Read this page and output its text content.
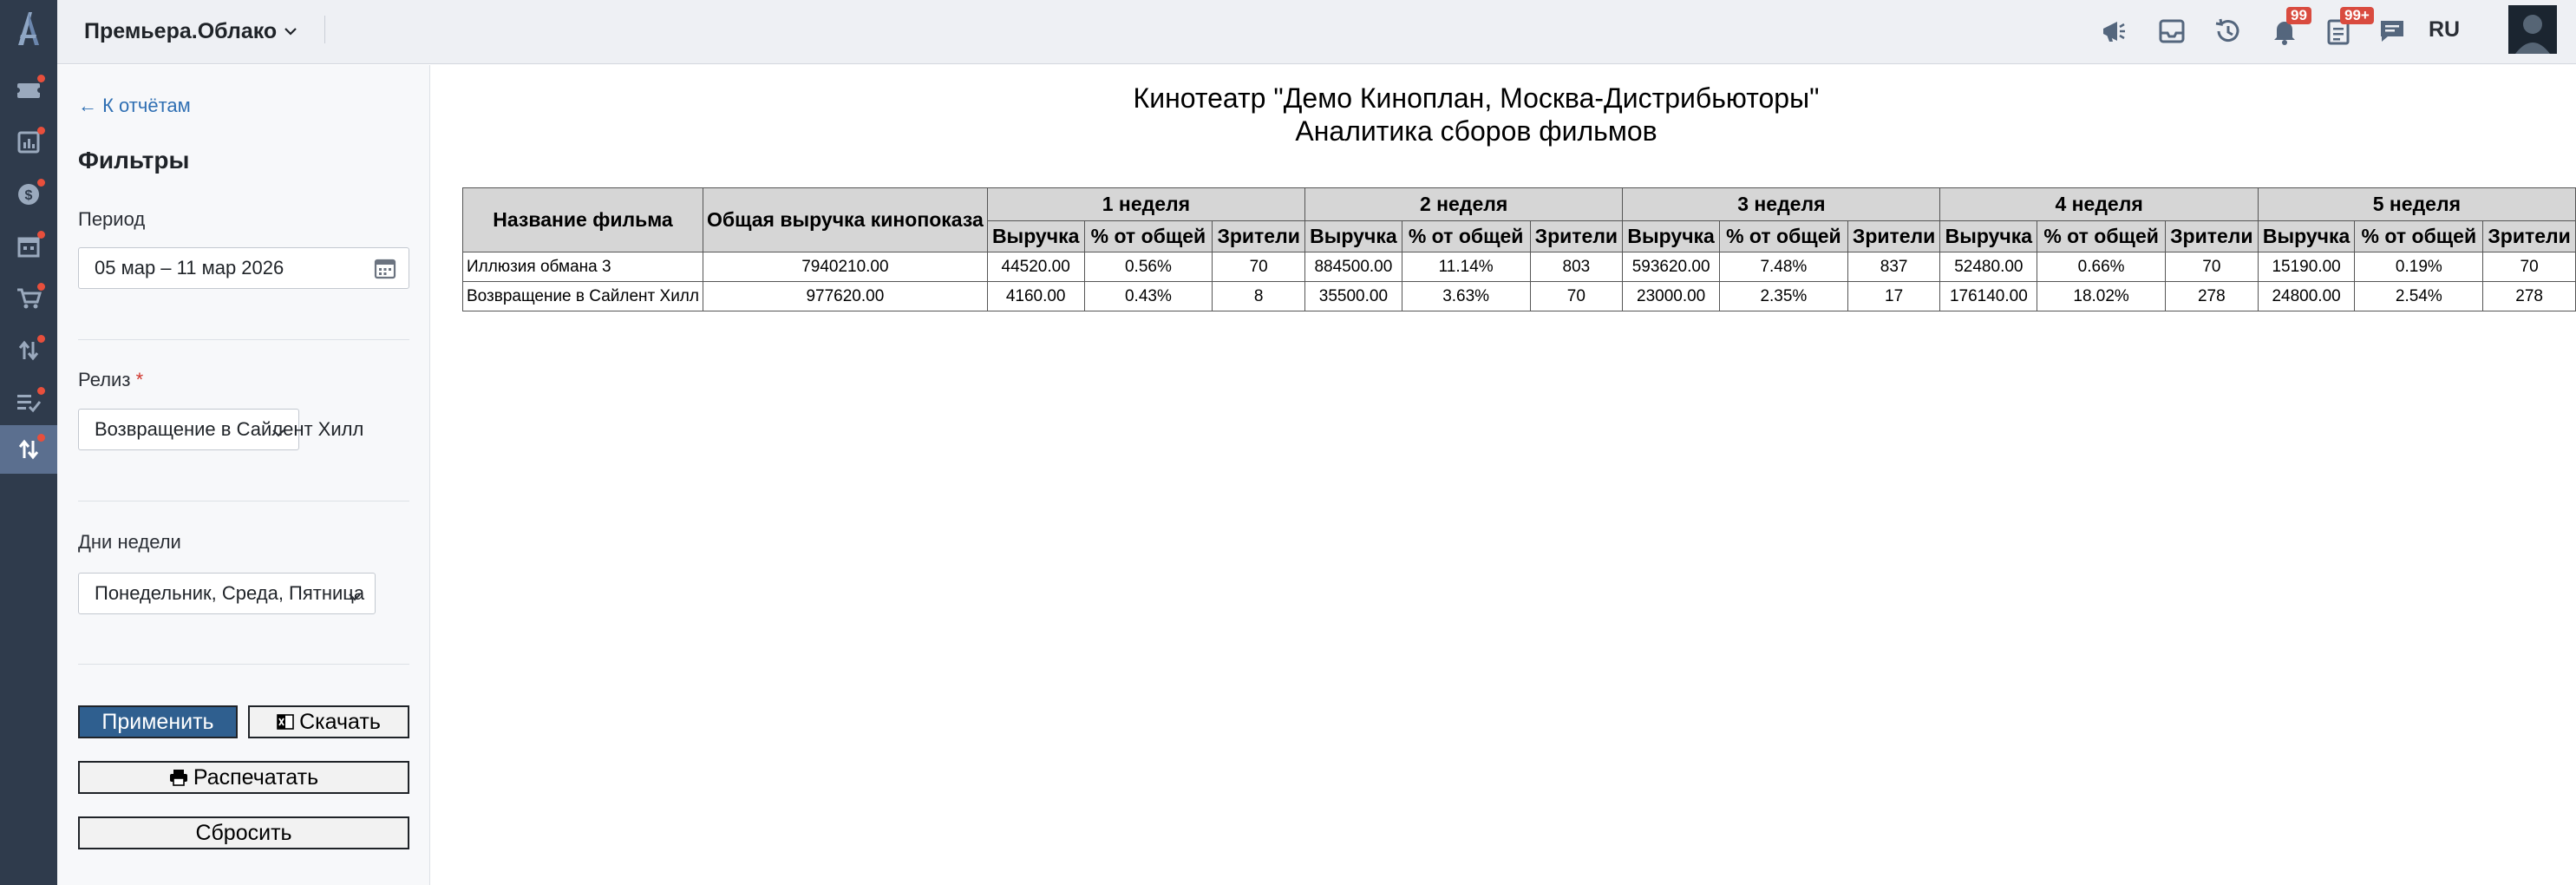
$
Премьера.Облако
99	99+
RU
← К отчётам
Фильтры
Период
05 мар – 11 мар 2026
Релиз *
Возвращение в Сайлент Хилл
Дни недели
Понедельник, Среда, Пятница
Применить	Скачать
Распечатать
Сбросить
Кинотеатр "Демо Киноплан, Москва-Дистрибьюторы"
Аналитика сборов фильмов
Название фильма	Общая выручка кинопоказа	1 неделя			2 неделя			3 неделя			4 неделя			5 неделя		
		Выручка	% от общей	Зрители	Выручка	% от общей	Зрители	Выручка	% от общей	Зрители	Выручка	% от общей	Зрители	Выручка	% от общей	Зрители
Иллюзия обмана 3	7940210.00	44520.00	0.56%	70	884500.00	11.14%	803	593620.00	7.48%	837	52480.00	0.66%	70	15190.00	0.19%	70
Возвращение в Сайлент Хилл	977620.00	4160.00	0.43%	8	35500.00	3.63%	70	23000.00	2.35%	17	176140.00	18.02%	278	24800.00	2.54%	278
